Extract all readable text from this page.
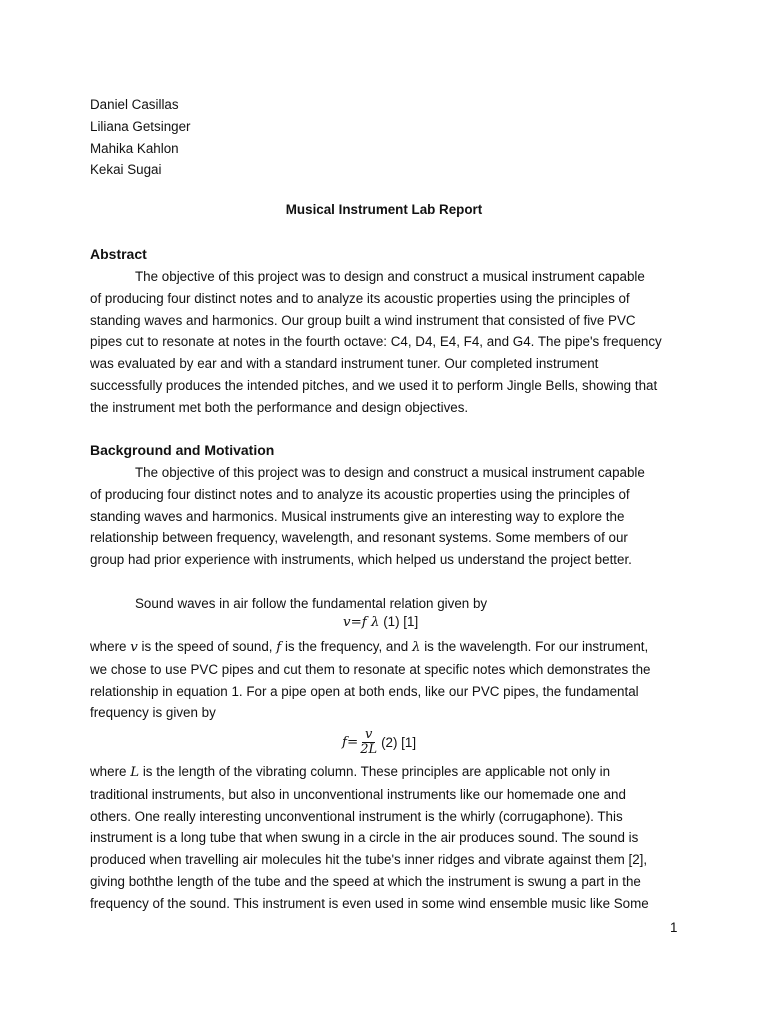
Daniel Casillas
Liliana Getsinger
Mahika Kahlon
Kekai Sugai
Musical Instrument Lab Report
Abstract
The objective of this project was to design and construct a musical instrument capable
of producing four distinct notes and to analyze its acoustic properties using the principles of
standing waves and harmonics. Our group built a wind instrument that consisted of five PVC
pipes cut to resonate at notes in the fourth octave: C4, D4, E4, F4, and G4. The pipe's frequency
was evaluated by ear and with a standard instrument tuner. Our completed instrument
successfully produces the intended pitches, and we used it to perform Jingle Bells, showing that
the instrument met both the performance and design objectives.
Background and Motivation
The objective of this project was to design and construct a musical instrument capable
of producing four distinct notes and to analyze its acoustic properties using the principles of
standing waves and harmonics. Musical instruments give an interesting way to explore the
relationship between frequency, wavelength, and resonant systems. Some members of our
group had prior experience with instruments, which helped us understand the project better.
Sound waves in air follow the fundamental relation given by
v=f λ (1) [1]
where v is the speed of sound, f is the frequency, and λ is the wavelength. For our instrument,
we chose to use PVC pipes and cut them to resonate at specific notes which demonstrates the
relationship in equation 1. For a pipe open at both ends, like our PVC pipes, the fundamental
frequency is given by
$f= \frac{v}{2L} (2)$ [1]
where L is the length of the vibrating column. These principles are applicable not only in
traditional instruments, but also in unconventional instruments like our homemade one and
others. One really interesting unconventional instrument is the whirly (corrugaphone). This
instrument is a long tube that when swung in a circle in the air produces sound. The sound is
produced when travelling air molecules hit the tube's inner ridges and vibrate against them [2],
giving boththe length of the tube and the speed at which the instrument is swung a part in the
frequency of the sound. This instrument is even used in some wind ensemble music like Some
1
